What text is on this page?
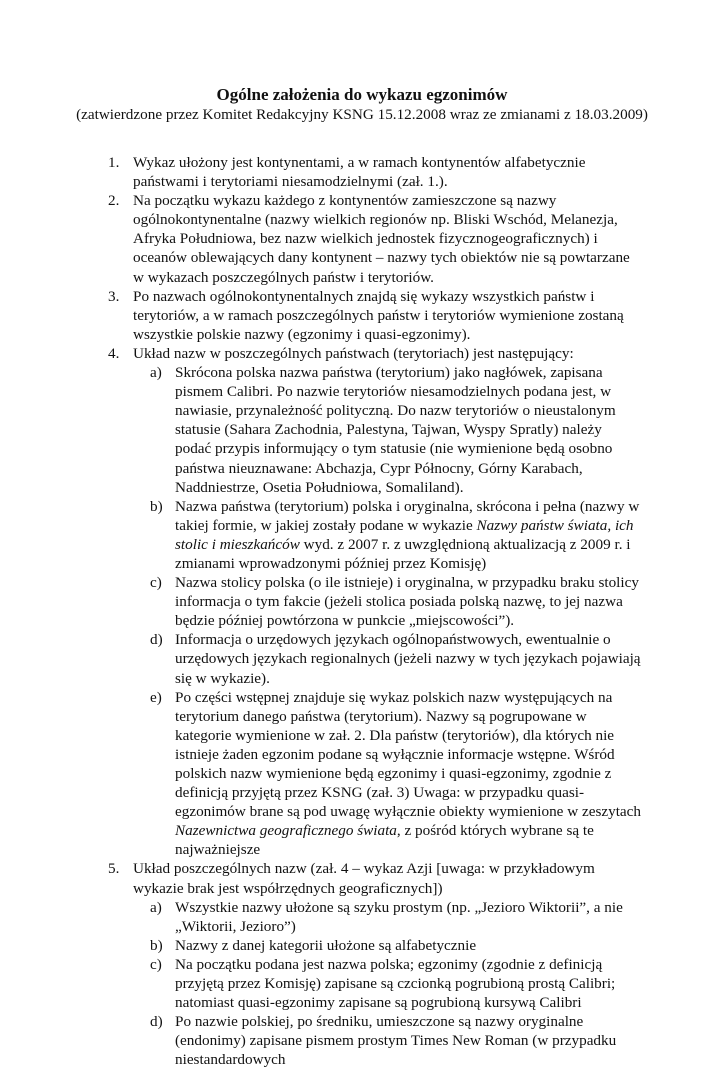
Ogólne założenia do wykazu egzonimów
(zatwierdzone przez Komitet Redakcyjny KSNG 15.12.2008 wraz ze zmianami z 18.03.2009)
1. Wykaz ułożony jest kontynentami, a w ramach kontynentów alfabetycznie państwami i terytoriami niesamodzielnymi (zał. 1.).
2. Na początku wykazu każdego z kontynentów zamieszczone są nazwy ogólnokontynentalne (nazwy wielkich regionów np. Bliski Wschód, Melanezja, Afryka Południowa, bez nazw wielkich jednostek fizycznogeograficznych) i oceanów oblewających dany kontynent – nazwy tych obiektów nie są powtarzane w wykazach poszczególnych państw i terytoriów.
3. Po nazwach ogólnokontynentalnych znajdą się wykazy wszystkich państw i terytoriów, a w ramach poszczególnych państw i terytoriów wymienione zostaną wszystkie polskie nazwy (egzonimy i quasi-egzonimy).
4. Układ nazw w poszczególnych państwach (terytoriach) jest następujący:
a) Skrócona polska nazwa państwa (terytorium) jako nagłówek, zapisana pismem Calibri. Po nazwie terytoriów niesamodzielnych podana jest, w nawiasie, przynależność polityczną. Do nazw terytoriów o nieustalonym statusie (Sahara Zachodnia, Palestyna, Tajwan, Wyspy Spratly) należy podać przypis informujący o tym statusie (nie wymienione będą osobno państwa nieuznawane: Abchazja, Cypr Północny, Górny Karabach, Naddniestrze, Osetia Południowa, Somaliland).
b) Nazwa państwa (terytorium) polska i oryginalna, skrócona i pełna (nazwy w takiej formie, w jakiej zostały podane w wykazie Nazwy państw świata, ich stolic i mieszkańców wyd. z 2007 r. z uwzględnioną aktualizacją z 2009 r. i zmianami wprowadzonymi później przez Komisję)
c) Nazwa stolicy polska (o ile istnieje) i oryginalna, w przypadku braku stolicy informacja o tym fakcie (jeżeli stolica posiada polską nazwę, to jej nazwa będzie później powtórzona w punkcie „miejscowości”).
d) Informacja o urzędowych językach ogólnopaństwowych, ewentualnie o urzędowych językach regionalnych (jeżeli nazwy w tych językach pojawiają się w wykazie).
e) Po części wstępnej znajduje się wykaz polskich nazw występujących na terytorium danego państwa (terytorium). Nazwy są pogrupowane w kategorie wymienione w zał. 2. Dla państw (terytoriów), dla których nie istnieje żaden egzonim podane są wyłącznie informacje wstępne. Wśród polskich nazw wymienione będą egzonimy i quasi-egzonimy, zgodnie z definicją przyjętą przez KSNG (zał. 3) Uwaga: w przypadku quasi-egzonimów brane są pod uwagę wyłącznie obiekty wymienione w zeszytach Nazewnictwa geograficznego świata, z pośród których wybrane są te najważniejsze
5. Układ poszczególnych nazw (zał. 4 – wykaz Azji [uwaga: w przykładowym wykazie brak jest współrzędnych geograficznych])
a) Wszystkie nazwy ułożone są szyku prostym (np. „Jezioro Wiktorii”, a nie „Wiktorii, Jezioro”)
b) Nazwy z danej kategorii ułożone są alfabetycznie
c) Na początku podana jest nazwa polska; egzonimy (zgodnie z definicją przyjętą przez Komisję) zapisane są czcionką pogrubioną prostą Calibri; natomiast quasi-egzonimy zapisane są pogrubioną kursywą Calibri
d) Po nazwie polskiej, po średniku, umieszczone są nazwy oryginalne (endonimy) zapisane pismem prostym Times New Roman (w przypadku niestandardowych
